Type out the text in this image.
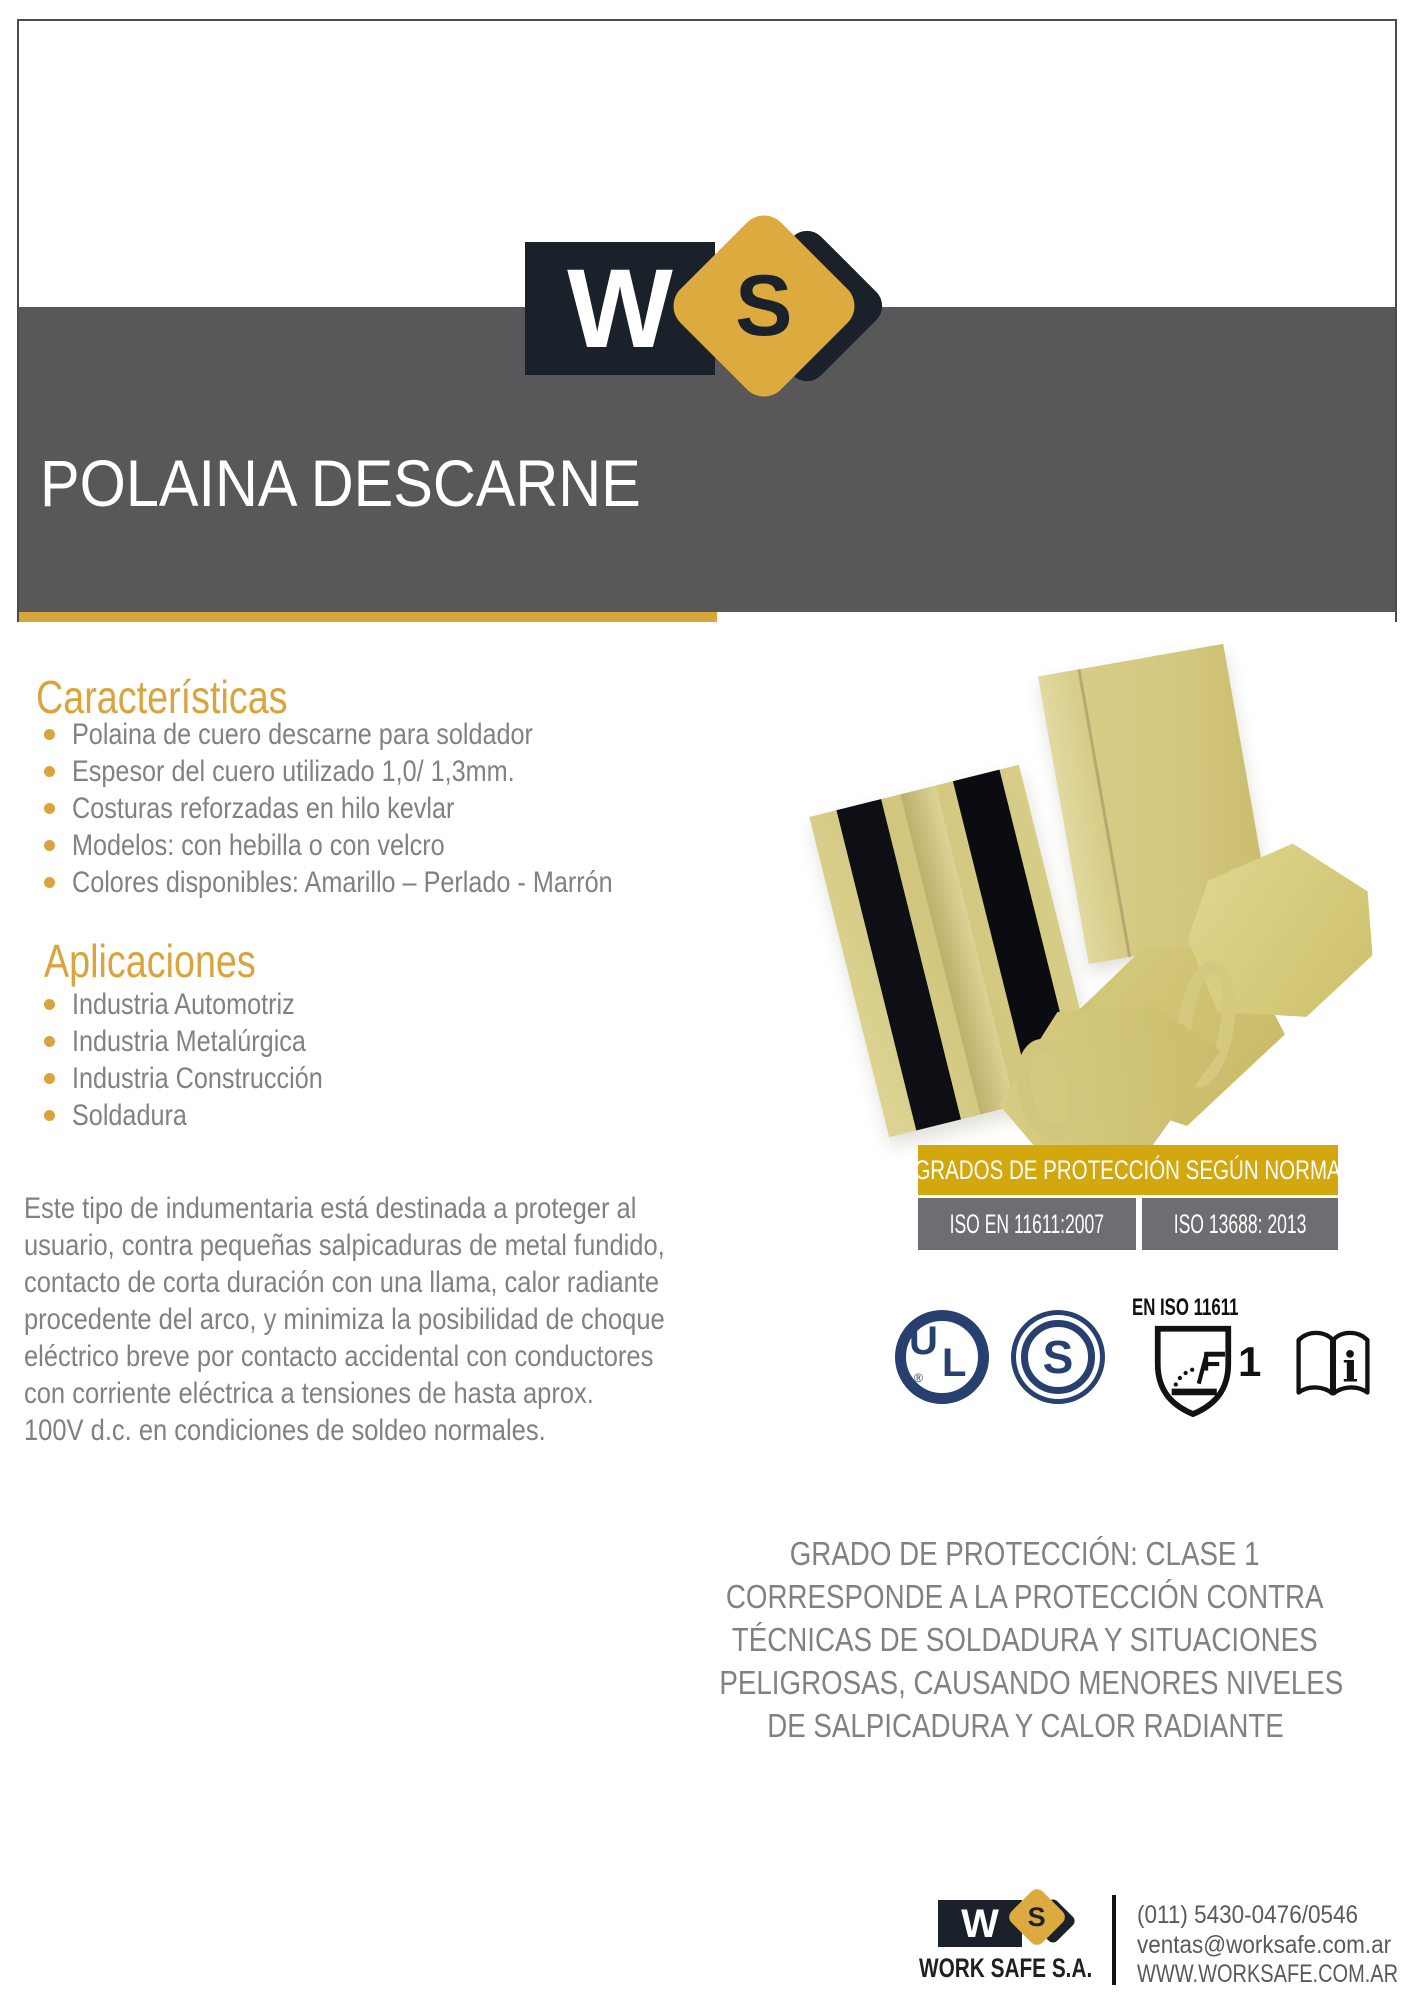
W S
POLAINA DESCARNE
Características
Polaina de cuero descarne para soldador
Espesor del cuero utilizado 1,0/ 1,3mm.
Costuras reforzadas en hilo kevlar
Modelos: con hebilla o con velcro
Colores disponibles: Amarillo – Perlado - Marrón
Aplicaciones
Industria Automotriz
Industria Metalúrgica
Industria Construcción
Soldadura
Este tipo de indumentaria está destinada a proteger al
usuario, contra pequeñas salpicaduras de metal fundido,
contacto de corta duración con una llama, calor radiante
procedente del arco, y minimiza la posibilidad de choque
eléctrico breve por contacto accidental con conductores
con corriente eléctrica a tensiones de hasta aprox.
100V d.c. en condiciones de soldeo normales.
GRADOS DE PROTECCIÓN SEGÚN NORMA
ISO EN 11611:2007	ISO 13688: 2013
U L
®	S
EN ISO 11611
1 i
GRADO DE PROTECCIÓN: CLASE 1
CORRESPONDE A LA PROTECCIÓN CONTRA
TÉCNICAS DE SOLDADURA Y SITUACIONES
PELIGROSAS, CAUSANDO MENORES NIVELES
DE SALPICADURA Y CALOR RADIANTE
W S
WORK SAFE S.A.
(011) 5430-0476/0546
ventas@worksafe.com.ar
WWW.WORKSAFE.COM.AR
